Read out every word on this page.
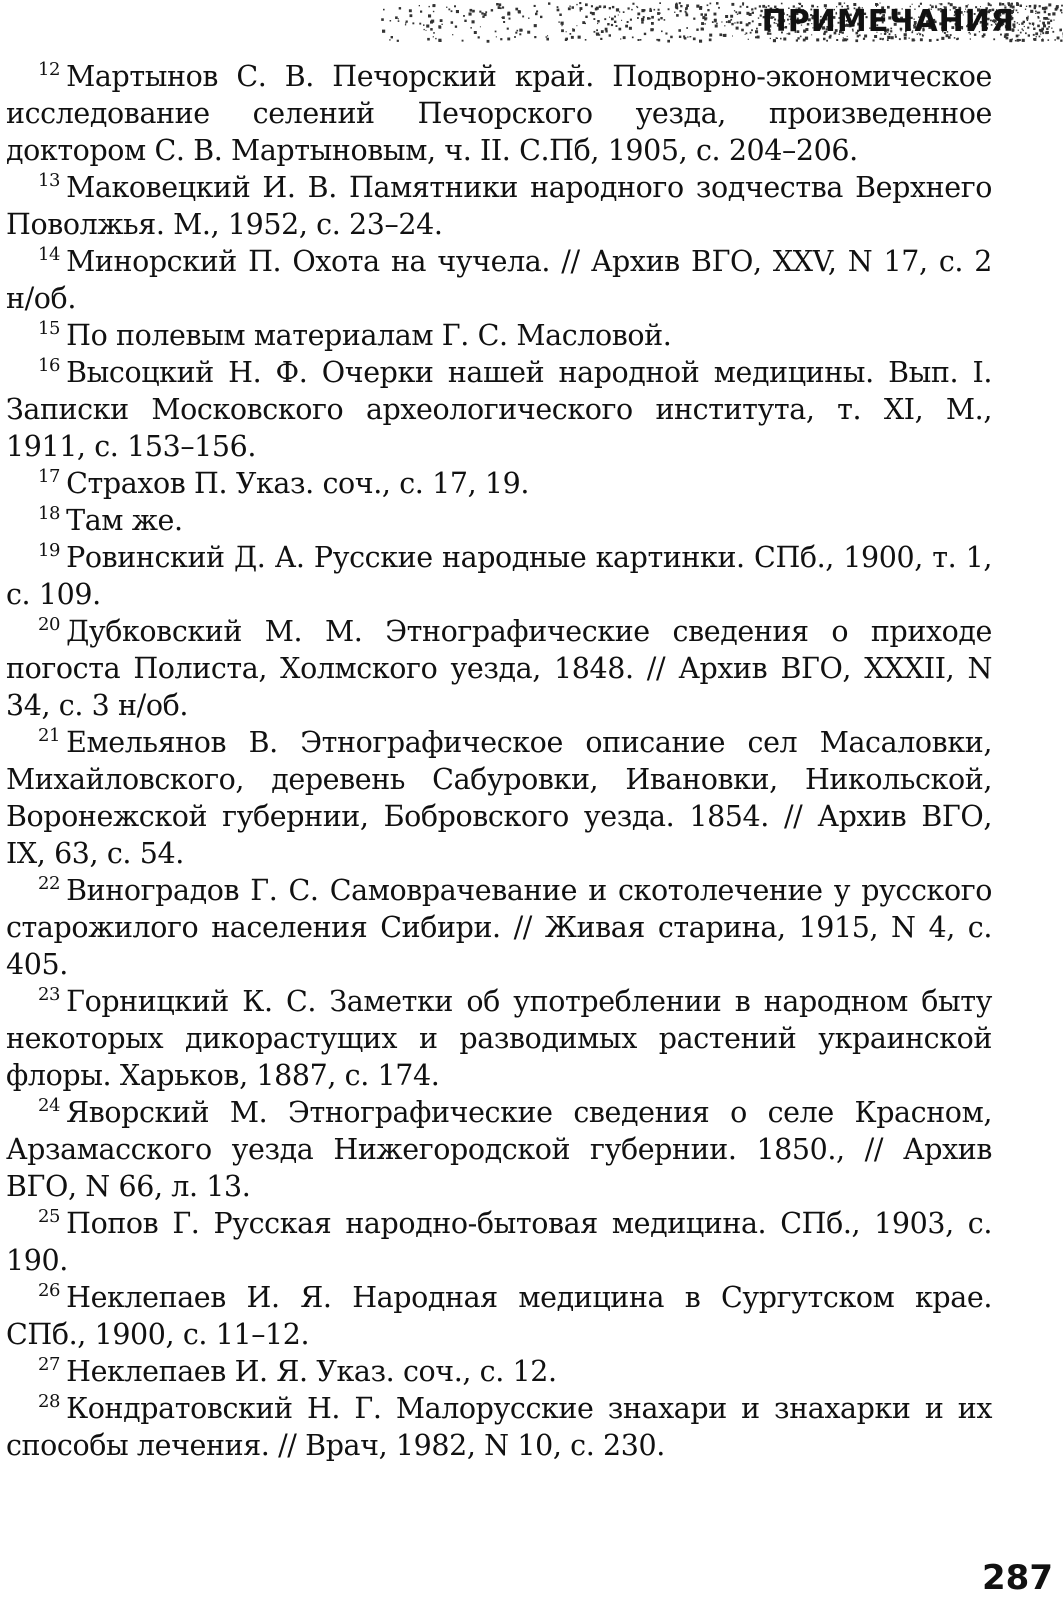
ПРИМЕЧАНИЯ

$^{12}$ Мартынов С. В. Печорский край. Подворно-экономическое исследование селений Печорского уезда, произведенное доктором С. В. Мартыновым, ч. II. С.Пб, 1905, с. 204–206.

$^{13}$ Маковецкий И. В. Памятники народного зодчества Верхнего Поволжья. М., 1952, с. 23–24.

$^{14}$ Минорский П. Охота на чучела. // Архив ВГО, XXV, N 17, с. 2 н/об.

$^{15}$ По полевым материалам Г. С. Масловой.

$^{16}$ Высоцкий Н. Ф. Очерки нашей народной медицины. Вып. I. Записки Московского археологического института, т. XI, М., 1911, с. 153–156.

$^{17}$ Страхов П. Указ. соч., с. 17, 19.

$^{18}$ Там же.

$^{19}$ Ровинский Д. А. Русские народные картинки. СПб., 1900, т. 1, с. 109.

$^{20}$ Дубковский М. М. Этнографические сведения о приходе погоста Полиста, Холмского уезда, 1848. // Архив ВГО, XXXII, N 34, с. 3 н/об.

$^{21}$ Емельянов В. Этнографическое описание сел Масаловки, Михайловского, деревень Сабуровки, Ивановки, Никольской, Воронежской губернии, Бобровского уезда. 1854. // Архив ВГО, IX, 63, с. 54.

$^{22}$ Виноградов Г. С. Самоврачевание и скотолечение у русского старожилого населения Сибири. // Живая старина, 1915, N 4, с. 405.

$^{23}$ Горницкий К. С. Заметки об употреблении в народном быту некоторых дикорастущих и разводимых растений украинской флоры. Харьков, 1887, с. 174.

$^{24}$ Яворский М. Этнографические сведения о селе Красном, Арзамасского уезда Нижегородской губернии. 1850., // Архив ВГО, N 66, л. 13.

$^{25}$ Попов Г. Русская народно-бытовая медицина. СПб., 1903, с. 190.

$^{26}$ Неклепаев И. Я. Народная медицина в Сургутском крае. СПб., 1900, с. 11–12.

$^{27}$ Неклепаев И. Я. Указ. соч., с. 12.

$^{28}$ Кондратовский Н. Г. Малорусские знахари и знахарки и их способы лечения. // Врач, 1982, N 10, с. 230.

287
